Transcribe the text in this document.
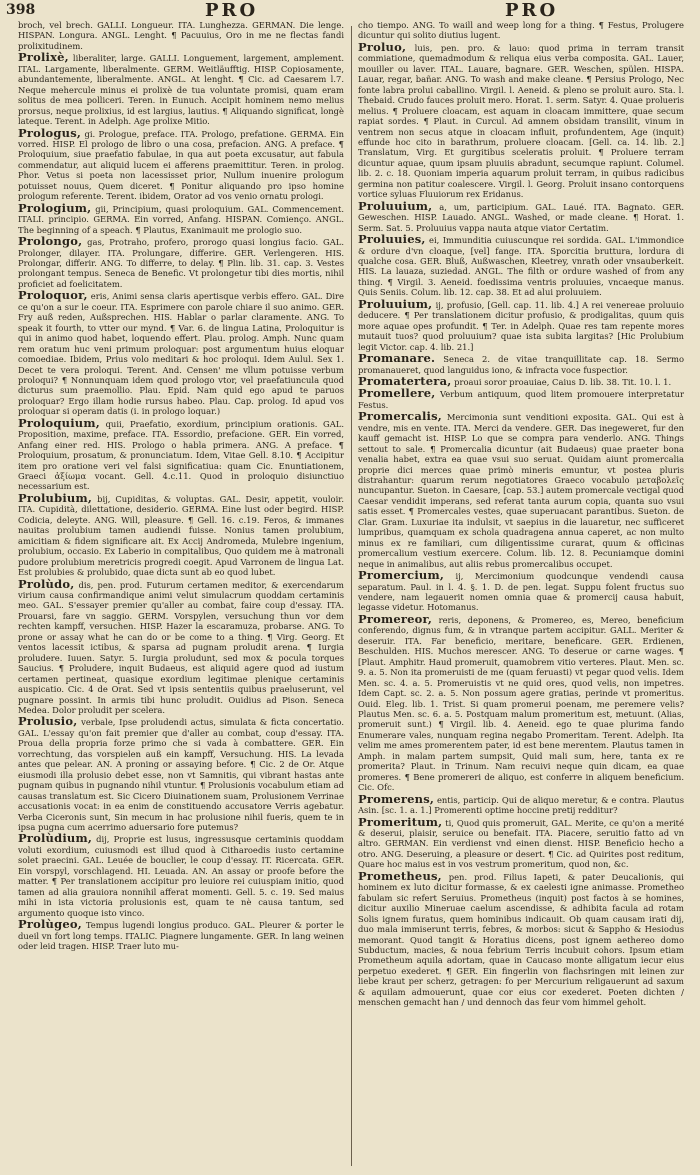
398	PRO	PRO

broch, vel brech. GALLI. Longueur. ITA. Lunghezza. GERMAN. Die lenge. HISPAN. Longura. ANGL. Lenght. ¶ Pacuuius, Oro in me ne flectas fandi prolixitudinem.

Prolixè, liberaliter, large. GALLI. Longuement, largement, amplement. ITAL. Largamente, liberalmente. GERM. Weitläufftig. HISP. Copiosamente, abundantemente, liberalmente. ANGL. At lenght. ¶ Cic. ad Caesarem l.7. Neque mehercule minus ei prolixè de tua voluntate promisi, quam eram solitus de mea polliceri. Teren. in Eunuch. Accipit hominem nemo melius prorsus, neque prolixius, id est largius, lautius. ¶ Aliquando significat, longè lateque. Terent. in Adelph. Age prolixe Mitio.

Prologus, gi. Prologue, preface. ITA. Prologo, prefatione. GERMA. Ein vorred. HISP. El prologo de libro o una cosa, prefacion. ANG. A preface. ¶ Proloquium, siue praefatio fabulae, in qua aut poeta excusatur, aut fabula commendatur, aut aliquid lucem ei afferens praemittitur. Teren. in prolog. Phor. Vetus si poeta non lacessisset prior, Nullum inuenire prologum potuisset nouus, Quem diceret. ¶ Ponitur aliquando pro ipso homine prologum referente. Terent. ibidem, Orator ad vos venio ornatu prologi.

Prologium, gii, Principium, quasi proloquium. GAL. Commencement. ITALI. principio. GERMA. Ein vorred, Anfang. HISPAN. Comienço. ANGL. The beginning of a speach. ¶ Plautus, Exanimauit me prologio suo.

Prolongo, gas, Protraho, profero, prorogo quasi longius facio. GAL. Prolonger, dilayer. ITA. Prolungare, differire. GER. Verlengeren. HIS. Prolongar, differir. ANG. To differre, to delay. ¶ Plin. lib. 31. cap. 3. Vestes prolongant tempus. Seneca de Benefic. Vt prolongetur tibi dies mortis, nihil proficiet ad foelicitatem.

Proloquor, eris, Animi sensa claris apertisque verbis effero. GAL. Dire ce qu'on a sur le coeur. ITA. Esprimere con parole chiare il suo animo. GER. Fry auß reden, Außsprechen. HIS. Hablar o parlar claramente. ANG. To speak it fourth, to vtter our mynd. ¶ Var. 6. de lingua Latina, Proloquitur is qui in animo quod habet, loquendo effert. Plau. prolog. Amph. Nunc quam rem oratum huc veni primum proloquar: post argumentum huius eloquar comoediae. Ibidem, Prius volo meditari & hoc proloqui. Idem Aulul. Sex 1. Decet te vera proloqui. Terent. And. Censen' me vllum potuisse verbum proloqui? ¶ Nonnunquam idem quod prologo vtor, vel praefatiuncula quod dicturus sum praemollio. Plau. Epid. Nam quid ego apud te paruos proloquar? Ergo illam hodie rursus habeo. Plau. Cap. prolog. Id apud vos proloquar si operam datis (i. in prologo loquar.)

Proloquium, quii, Praefatio, exordium, principium orationis. GAL. Proposition, maxime, preface. ITA. Essordio, prefacione. GER. Ein vorred, Anfang einer red. HIS. Prologo o habla primera. ANG. A preface. ¶ Proloquium, prosatum, & pronunciatum. Idem, Vitae Gell. 8.10. ¶ Accipitur item pro oratione veri vel falsi significatiua: quam Cic. Enuntiationem, Graeci ἀξίωμα vocant. Gell. 4.c.11. Quod in proloquio disiunctiuo necessarium est.

Prolubium, bij, Cupiditas, & voluptas. GAL. Desir, appetit, vouloir. ITA. Cupidità, dilettatione, desiderio. GERMA. Eine lust oder begird. HISP. Codicia, deleyte. ANG. Will, pleasure. ¶ Gell. 16. c.19. Feros, & immanes nauitas prolubium tamen audiendi fuisse. Nonius tamen prolubium, amicitiam & fidem significare ait. Ex Accij Andromeda, Mulebre ingenium, prolubium, occasio. Ex Laberio in compitalibus, Quo quidem me à matronali pudore prolubium meretricis progredi coegit. Apud Varronem de lingua Lat. Est prolubies & prolubido, quae dicta sunt ab eo quod lubet.

Prolùdo, dis, pen. prod. Futurum certamen meditor, & exercendarum virium causa confirmandique animi velut simulacrum quoddam certaminis meo. GAL. S'essayer premier qu'aller au combat, faire coup d'essay. ITA. Prouarsi, fare vn saggio. GERM. Vorspylen, versuchung thun vor dem rechten kampff, versuchen. HISP. Hazer la escaramuza, probarse. ANG. To prone or assay what he can do or be come to a thing. ¶ Virg. Georg. Et ventos lacessit ictibus, & sparsa ad pugnam proludit arena. ¶ Iurgia proludere. Iuuen. Satyr. 5. Iurgia proludunt, sed mox & pocula torques Saucius. ¶ Proludere, inquit Budaeus, est aliquid agere quod ad iustum certamen pertineat, quasique exordium legitimae plenique certaminis auspicatio. Cic. 4 de Orat. Sed vt ipsis sententiis quibus praeluserunt, vel pugnare possint. In armis tibi hunc proludit. Ouidius ad Pison. Seneca Medea. Dolor proludit per scelera.

Prolusio, verbale, Ipse proludendi actus, simulata & ficta concertatio. GAL. L'essay qu'on fait premier que d'aller au combat, coup d'essay. ITA. Proua della propria forze primo che si vada à combattere. GER. Ein vorrechtung, das vorspielen auß ein kampff, Versuchung. HIS. La levada antes que pelear. AN. A proning or assaying before. ¶ Cic. 2 de Or. Atque eiusmodi illa prolusio debet esse, non vt Samnitis, qui vibrant hastas ante pugnam quibus in pugnando nihil vtuntur. ¶ Prolusionis vocabulum etiam ad causas translatum est. Sic Cicero Diuinationem suam, Prolusionem Verrinae accusationis vocat: in ea enim de constituendo accusatore Verris agebatur. Verba Ciceronis sunt, Sin mecum in hac prolusione nihil fueris, quem te in ipsa pugna cum acerrimo aduersario fore putemus?

Prolùdium, dij, Proprie est lusus, ingressusque certaminis quoddam voluti exordium, cuiusmodi est illud quod à Citharoedis iusto certamine solet praecini. GAL. Leuée de bouclier, le coup d'essay. IT. Ricercata. GER. Ein vorspyl, vorschlagend. HI. Leuada. AN. An assay or proofe before the matter. ¶ Per translationem accipitur pro leuiore rei cuiuspiam initio, quod tamen ad alia grauiora nonnihil afferat momenti. Gell. 5. c. 19. Sed maius mihi in ista victoria prolusionis est, quam te nè causa tantum, sed argumento quoque isto vinco.

Prolùgeo, Tempus lugendi longius produco. GAL. Pleurer & porter le dueil vn fort long temps. ITALIC. Piagnere lungamente. GER. In lang weinen oder leid tragen. HISP. Traer luto mu-

cho tiempo. ANG. To waill and weep long for a thing. ¶ Festus, Prolugere dicuntur qui solito diutius lugent.

Proluo, luis, pen. pro. & lauo: quod prima in terram transit commiatione, quemadmodum & reliqua eius verba composita. GAL. Lauer, mouiller ou laver. ITAL. Lauare, bagnare. GER. Weschen, spülen. HISPA. Lauar, regar, bañar. ANG. To wash and make cleane. ¶ Persius Prologo, Nec fonte labra prolui caballino. Virgil. l. Aeneid. & pleno se proluit auro. Sta. l. Thebaid. Crudo fauces proluit mero. Horat. 1. serm. Satyr. 4. Quae prolueris melius. ¶ Proluere cloacam, est aquam in cloacam immittere, quae secum rapiat sordes. ¶ Plaut. in Curcul. Ad amnem obsidam transilit, vinum in ventrem non secus atque in cloacam influit, profundentem, Age (inquit) effunde hoc cito in barathrum, proluere cloacam. [Gell. ca. 14. lib. 2.] Translatum, Virg. Et gurgitibus sceleratis proluit. ¶ Proluere terram dicuntur aquae, quum ipsam pluuiis abradunt, secumque rapiunt. Columel. lib. 2. c. 18. Quoniam imperia aquarum proluit terram, in quibus radicibus germina non patitur coalescere. Virgil. l. Georg. Proluit insano contorquens vortice syluas Fluuiorum rex Eridanus.

Proluuium, a, um, participium. GAL. Laué. ITA. Bagnato. GER. Geweschen. HISP. Lauado. ANGL. Washed, or made cleane. ¶ Horat. 1. Serm. Sat. 5. Proluuius vappa nauta atque viator Certatim.

Proluuies, ei, Immunditia cuiuscunque rei sordida. GAL. L'immondice & ordure d'vn cloaque, [vel] fange. ITA. Sporcitia bruttura, lordura di qualche cosa. GER. Bluß, Außwaschen, Kleetrey, vnrath oder vnsauberkeit. HIS. La lauaza, suziedad. ANGL. The filth or ordure washed of from any thing. ¶ Virgil. 3. Aeneid. foedissima ventris proluuies, vncaeque manus. Quis Seniis. Colum. lib. 12. cap. 38. Et ad alui proluuiem.

Proluuium, ij, profusio, [Gell. cap. 11. lib. 4.] A rei venereae proluuio deducere. ¶ Per translationem dicitur profusio, & prodigalitas, quum quis more aquae opes profundit. ¶ Ter. in Adelph. Quae res tam repente mores mutauit tuos? quod proluuium? quae ista subita largitas? [Hic Prolubium legit Victor. cap. 4. lib. 21.]

Promanare. Seneca 2. de vitae tranquillitate cap. 18. Sermo promanaueret, quod languidus iono, & infracta voce fuspectior.

Promatertera, proaui soror proauiae, Caius D. lib. 38. Tit. 10. l. 1.

Promellere, Verbum antiquum, quod litem promouere interpretatur Festus.

Promercalis, Mercimonia sunt venditioni exposita. GAL. Qui est à vendre, mis en vente. ITA. Merci da vendere. GER. Das inegeweret, fur den kauff gemacht ist. HISP. Lo que se compra para venderlo. ANG. Things settout to sale. ¶ Promercalia dicuntur (ait Budaeus) quae praeter bona venalia habet, extra ea quae vsui suo seruat. Quidam aiunt promercalia proprie dici merces quae primò mineris emuntur, vt postea pluris distrahantur: quarum rerum negotiatores Graeco vocabulo μεταβολεῖς nuncupantur. Sueton. in Caesare, [cap. 53.] autem promercale vectigal quod Caesar vendidit imperans, sed referat tanta aurum copia, quanta suo vsui satis esset. ¶ Promercales vestes, quae superuacant parantibus. Sueton. de Clar. Gram. Luxuriae ita indulsit, vt saepius in die lauaretur, nec sufficeret lumpribus, quamquam ex schola quadragena annua caperet, ac non multo minus ex re familiari, cum diligentissime curarat, quum & officinas promercalium vestium exercere. Colum. lib. 12. 8. Pecuniamque domini neque in animalibus, aut aliis rebus promercalibus occupet.

Promercium, ij, Mercimonium quodcunque vendendi causa separatum. Paul. in l. 4. §. 1. D. de pen. legat. Suppu folent fructus suo vendere, nam legauerit nomen omnia quae & promercij causa habuit, legasse videtur. Hotomanus.

Promereor, reris, deponens, & Promereo, es, Mereo, beneficium conferendo, dignus fum, & in vtranque partem accipitur. GALL. Meriter & deseruir. ITA. Far beneficio, meritare, beneficare. GER. Erdienen, Beschulden. HIS. Muchos merescer. ANG. To deserue or carne wages. ¶ [Plaut. Amphitr. Haud promeruit, quamobrem vitio verteres. Plaut. Men. sc. 9. a. 5. Non ita promeruisti de me (quam feruasti) vt pegar quod velis. Idem Men. sc. 4. a. 5. Promeruistis vt ne quid ores, quod velis, non impetres. Idem Capt. sc. 2. a. 5. Non possum agere gratias, perinde vt promeritus. Ouid. Eleg. lib. 1. Trist. Si quam promerui poenam, me peremere velis? Plautus Men. sc. 6. a. 5. Postquam malum promeritum est, metuunt. (Alias, promeruit sunt.) ¶ Virgil. lib. 4. Aeneid. ego te quae plurima fando Enumerare vales, nunquam regina negabo Promeritam. Terent. Adelph. Ita velim me ames promerentem pater, id est bene merentem. Plautus tamen in Amph. in malam partem sumpsit, Quid mali sum, here, tanta ex re promerita? Plaut. in Trinum. Nam recuivi neque quin dicam, ea quae promeres. ¶ Bene promereri de aliquo, est conferre in aliquem beneficium. Cic. Ofc.

Promerens, entis, particip. Qui de aliquo meretur, & e contra. Plautus Asin. [sc. 1. a. 1.] Promerenti optime hoccine pretij redditur?

Promeritum, ti, Quod quis promeruit, GAL. Merite, ce qu'on a merité & deserui, plaisir, seruice ou benefait. ITA. Piacere, seruitio fatto ad vn altro. GERMAN. Ein verdienst vnd einen dienst. HISP. Beneficio hecho a otro. ANG. Deseruing, a pleasure or desert. ¶ Cic. ad Quirites post reditum, Quare hoc maius est in vos vestrum promeritum, quod non, &c.

Prometheus, pen. prod. Filius Iapeti, & pater Deucalionis, qui hominem ex luto dicitur formasse, & ex caelesti igne animasse. Prometheo fabulam sic refert Seruius. Prometheus (inquit) post factos à se homines, dicitur auxilio Mineruae caelum ascendisse, & adhibita facula ad rotam Solis ignem furatus, quem hominibus indicauit. Ob quam causam irati dij, duo mala immiserunt terris, febres, & morbos: sicut & Sappho & Hesiodus memorant. Quod tangit & Horatius dicens, post ignem aethereo domo Subductum, macies, & noua febrium Terris incubuit cohors. Ipsum etiam Prometheum aquila adortam, quae in Caucaso monte alligatum iecur eius perpetuo exederet. ¶ GER. Ein fingerlin von flachsringen mit leinen zur liebe kraut per scherz, getragen: fo per Mercurium religauerunt ad saxum & aquilam admouerunt, quae cor eius cor exederet. Poeten dichten / menschen gemacht han / und dennoch das feur vom himmel geholt.
